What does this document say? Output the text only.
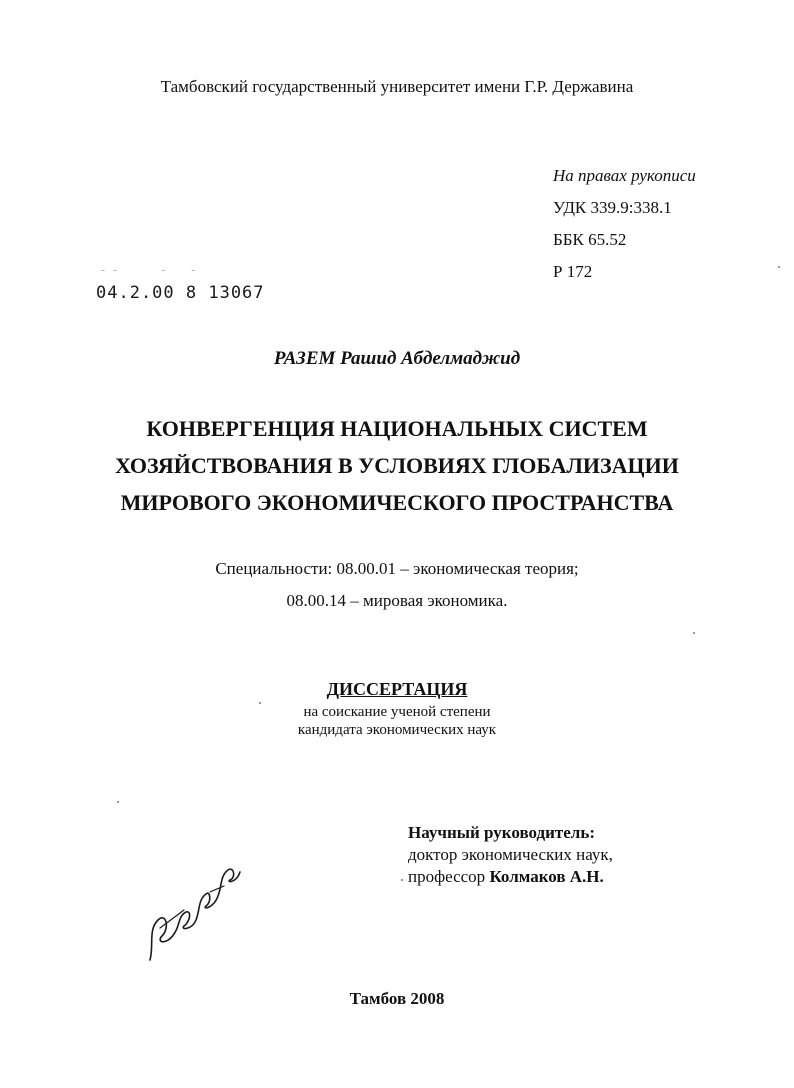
Тамбовский государственный университет имени Г.Р. Державина
На правах рукописи
УДК 339.9:338.1
ББК 65.52
Р 172
⁻ ⁻       ⁻    ⁻
04.2.00 8 13067
РАЗЕМ Рашид Абделмаджид
КОНВЕРГЕНЦИЯ НАЦИОНАЛЬНЫХ СИСТЕМ
ХОЗЯЙСТВОВАНИЯ В УСЛОВИЯХ ГЛОБАЛИЗАЦИИ
МИРОВОГО ЭКОНОМИЧЕСКОГО ПРОСТРАНСТВА
Специальности: 08.00.01 – экономическая теория;
08.00.14 – мировая экономика.
ДИССЕРТАЦИЯ
на соискание ученой степени
кандидата экономических наук
Научный руководитель:
доктор экономических наук,
профессор Колмаков А.Н.
Тамбов 2008
